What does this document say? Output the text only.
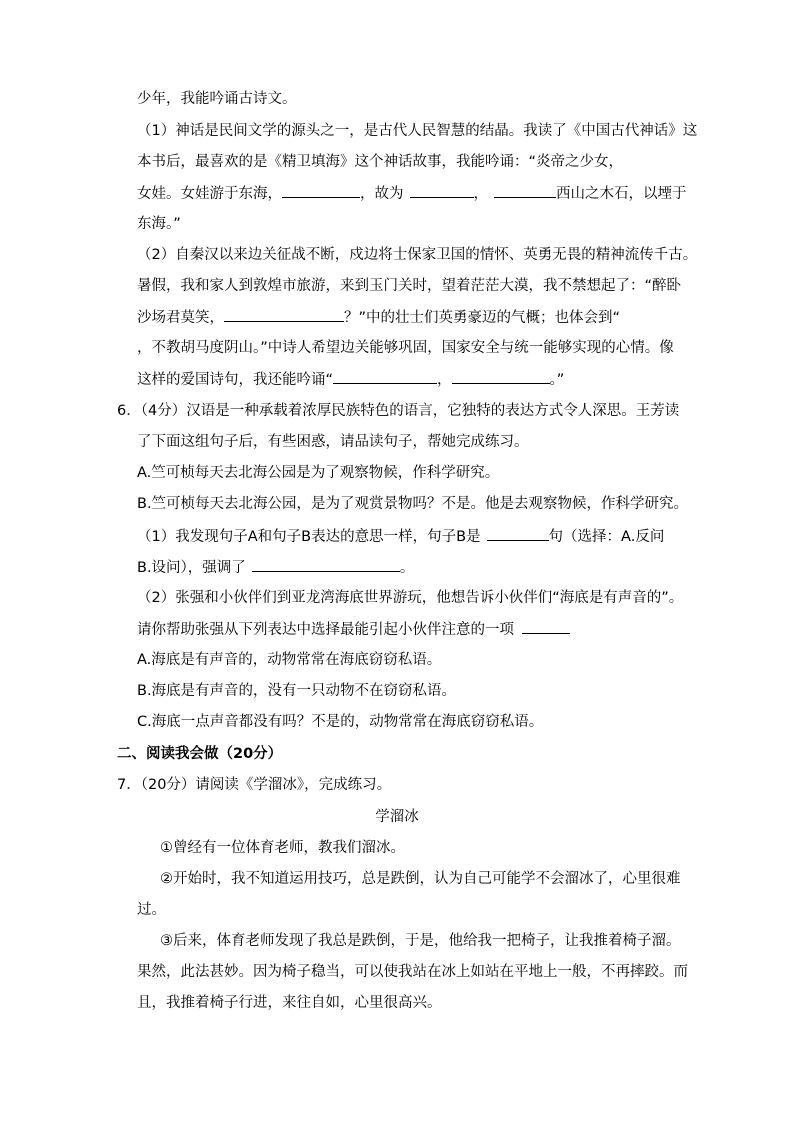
少年，我能吟诵古诗文。
（1）神话是民间文学的源头之一，是古代人民智慧的结晶。我读了《中国古代神话》这
本书后，最喜欢的是《精卫填海》这个神话故事，我能吟诵：“炎帝之少女，
女娃。女娃游于东海，	，故为	，	西山之木石，以堙于
东海。”
（2）自秦汉以来边关征战不断，戍边将士保家卫国的情怀、英勇无畏的精神流传千古。
暑假，我和家人到敦煌市旅游，来到玉门关时，望着茫茫大漠，我不禁想起了：“醉卧
沙场君莫笑，	？”中的壮士们英勇豪迈的气概；也体会到“
，不教胡马度阴山。”中诗人希望边关能够巩固，国家安全与统一能够实现的心情。像
这样的爱国诗句，我还能吟诵“	，	。”
6．（4分）汉语是一种承载着浓厚民族特色的语言，它独特的表达方式令人深思。王芳读
了下面这组句子后，有些困惑，请品读句子，帮她完成练习。
A.竺可桢每天去北海公园是为了观察物候，作科学研究。
B.竺可桢每天去北海公园，是为了观赏景物吗？不是。他是去观察物候，作科学研究。
（1）我发现句子A和句子B表达的意思一样，句子B是	句（选择：A.反问
B.设问），强调了	。
（2）张强和小伙伴们到亚龙湾海底世界游玩，他想告诉小伙伴们“海底是有声音的”。
请你帮助张强从下列表达中选择最能引起小伙伴注意的一项
A.海底是有声音的，动物常常在海底窃窃私语。
B.海底是有声音的，没有一只动物不在窃窃私语。
C.海底一点声音都没有吗？不是的，动物常常在海底窃窃私语。
二、阅读我会做（20分）
7．（20分）请阅读《学溜冰》，完成练习。
学溜冰
①曾经有一位体育老师，教我们溜冰。
②开始时，我不知道运用技巧，总是跌倒，认为自己可能学不会溜冰了，心里很难
过。
③后来，体育老师发现了我总是跌倒，于是，他给我一把椅子，让我推着椅子溜。
果然，此法甚妙。因为椅子稳当，可以使我站在冰上如站在平地上一般，不再摔跤。而
且，我推着椅子行进，来往自如，心里很高兴。
